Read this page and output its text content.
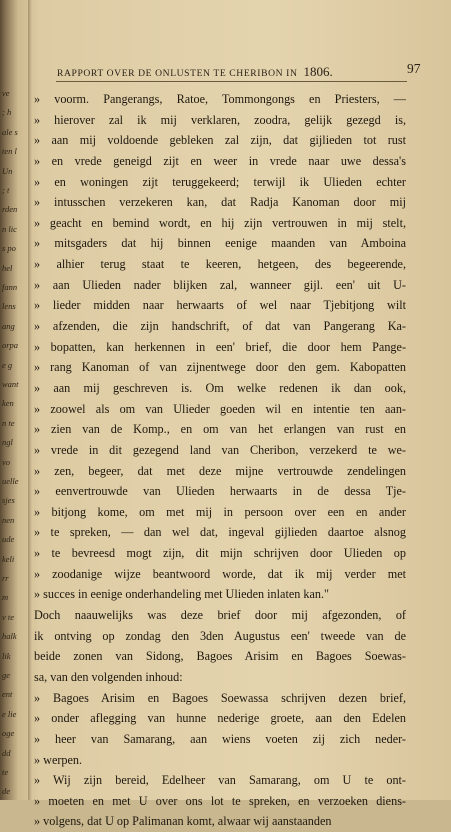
ve
; h
ale s
ten l
Un
; t
rden
n lic
s po
hel
fann
lens
ang
orpa
e g
want
ken
n te
ngl
vo
uelle
sjes
nen
ude
keli
rr
m
v te
halk
lik
ge
ent
e lie
oge
dd
te
de
RAPPORT OVER DE ONLUSTEN TE CHERIBON IN 1806.	97
» voorm. Pangerangs, Ratoe, Tommongongs en Priesters, —
» hierover zal ik mij verklaren, zoodra, gelijk gezegd is,
» aan mij voldoende gebleken zal zijn, dat gijlieden tot rust
» en vrede geneigd zijt en weer in vrede naar uwe dessa's
» en woningen zijt teruggekeerd; terwijl ik Ulieden echter
» intusschen verzekeren kan, dat Radja Kanoman door mij
» geacht en bemind wordt, en hij zijn vertrouwen in mij stelt,
» mitsgaders dat hij binnen eenige maanden van Amboina
» alhier terug staat te keeren, hetgeen, des begeerende,
» aan Ulieden nader blijken zal, wanneer gijl. een' uit U-
» lieder midden naar herwaarts of wel naar Tjebitjong wilt
» afzenden, die zijn handschrift, of dat van Pangerang Ka-
» bopatten, kan herkennen in een' brief, die door hem Pange-
» rang Kanoman of van zijnentwege door den gem. Kabopatten
» aan mij geschreven is. Om welke redenen ik dan ook,
» zoowel als om van Ulieder goeden wil en intentie ten aan-
» zien van de Komp., en om van het erlangen van rust en
» vrede in dit gezegend land van Cheribon, verzekerd te we-
» zen, begeer, dat met deze mijne vertrouwde zendelingen
» eenvertrouwde van Ulieden herwaarts in de dessa Tje-
» bitjong kome, om met mij in persoon over een en ander
» te spreken, — dan wel dat, ingeval gijlieden daartoe alsnog
» te bevreesd mogt zijn, dit mijn schrijven door Ulieden op
» zoodanige wijze beantwoord worde, dat ik mij verder met
» succes in eenige onderhandeling met Ulieden inlaten kan."
Doch naauwelijks was deze brief door mij afgezonden, of
ik ontving op zondag den 3den Augustus een' tweede van de
beide zonen van Sidong, Bagoes Arisim en Bagoes Soewas-
sa, van den volgenden inhoud:
» Bagoes Arisim en Bagoes Soewassa schrijven dezen brief,
» onder aflegging van hunne nederige groete, aan den Edelen
» heer van Samarang, aan wiens voeten zij zich neder-
» werpen.
» Wij zijn bereid, Edelheer van Samarang, om U te ont-
» moeten en met U over ons lot te spreken, en verzoeken diens-
» volgens, dat U op Palimanan komt, alwaar wij aanstaanden
